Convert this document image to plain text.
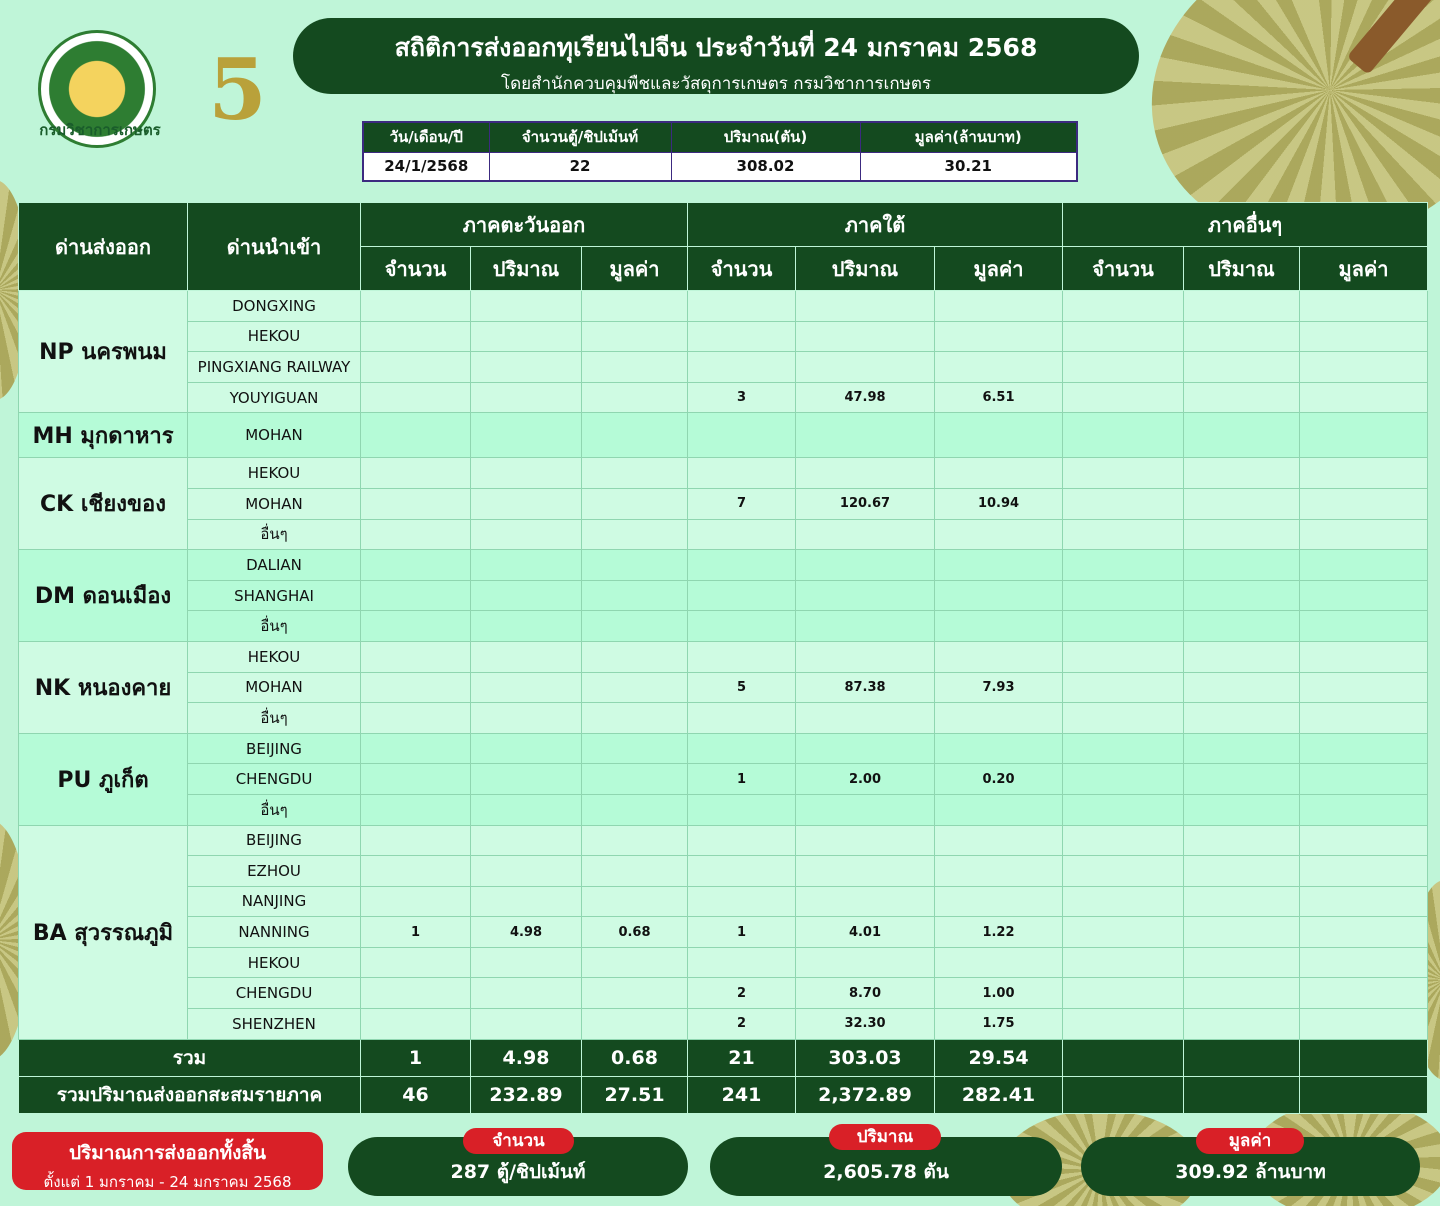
กรมวิชาการเกษตร 5	สถิติการส่งออกทุเรียนไปจีน ประจำวันที่ 24 มกราคม 2568
โดยสำนักควบคุมพืชและวัสดุการเกษตร กรมวิชาการเกษตร
วัน/เดือน/ปี	จำนวนตู้/ชิปเม้นท์	ปริมาณ(ตัน)	มูลค่า(ล้านบาท)
24/1/2568	22	308.02	30.21
ด่านส่งออก	ด่านนำเข้า	ภาคตะวันออก			ภาคใต้			ภาคอื่นๆ		
		จำนวน	ปริมาณ	มูลค่า	จำนวน	ปริมาณ	มูลค่า	จำนวน	ปริมาณ	มูลค่า
NP นครพนม	DONGXING									
	HEKOU									
	PINGXIANG RAILWAY									
	YOUYIGUAN				3	47.98	6.51			
MH มุกดาหาร	MOHAN									
CK เชียงของ	HEKOU									
	MOHAN				7	120.67	10.94			
	อื่นๆ									
DM ดอนเมือง	DALIAN									
	SHANGHAI									
	อื่นๆ									
NK หนองคาย	HEKOU									
	MOHAN				5	87.38	7.93			
	อื่นๆ									
PU ภูเก็ต	BEIJING									
	CHENGDU				1	2.00	0.20			
	อื่นๆ									
BA สุวรรณภูมิ	BEIJING									
	EZHOU									
	NANJING									
	NANNING	1	4.98	0.68	1	4.01	1.22			
	HEKOU									
	CHENGDU				2	8.70	1.00			
	SHENZHEN				2	32.30	1.75			
รวม		1	4.98	0.68	21	303.03	29.54			
รวมปริมาณส่งออกสะสมรายภาค		46	232.89	27.51	241	2,372.89	282.41			
ปริมาณการส่งออกทั้งสิ้น
ตั้งแต่ 1 มกราคม - 24 มกราคม 2568	287 ตู้/ชิปเม้นท์
จำนวน
2,605.78 ตัน
ปริมาณ
309.92 ล้านบาท
มูลค่า
